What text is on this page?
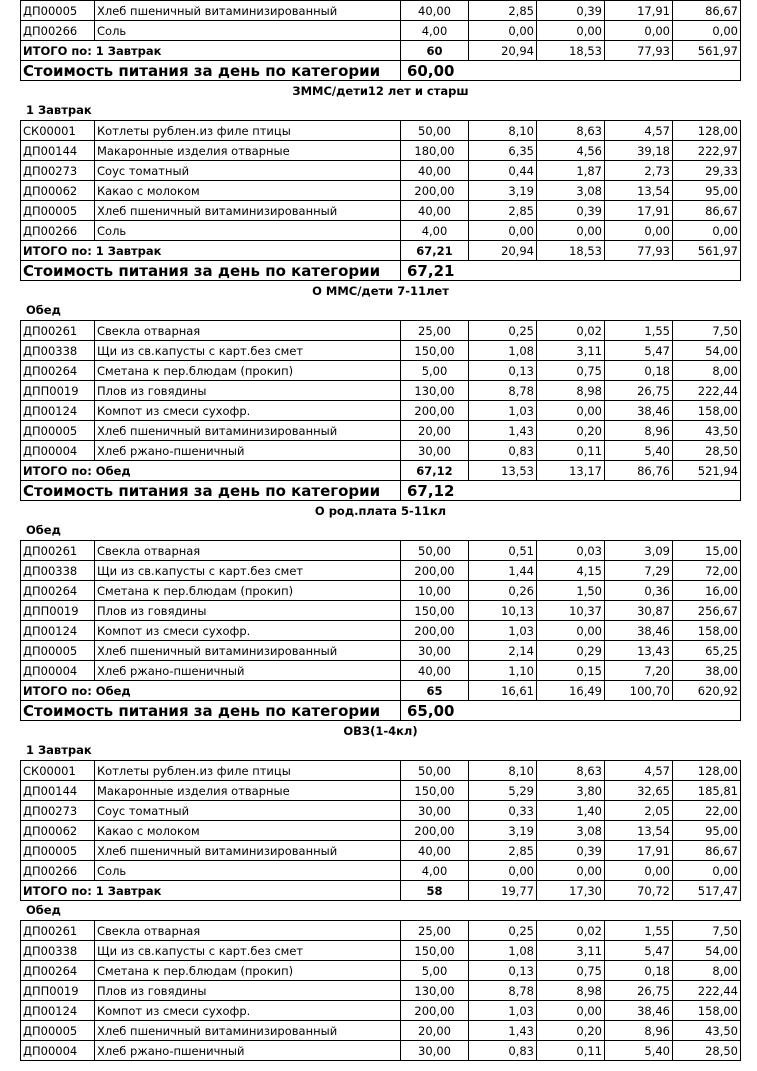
ДП00005	Хлеб пшеничный витаминизированный	40,00	2,85	0,39	17,91	86,67
ДП00266	Соль	4,00	0,00	0,00	0,00	0,00
ИТОГО по: 1 Завтрак		60	20,94	18,53	77,93	561,97
Стоимость питания за день по категории		60,00				
ЗММС/дети12 лет и старш
1 Завтрак
СК00001	Котлеты рублен.из филе птицы	50,00	8,10	8,63	4,57	128,00
ДП00144	Макаронные изделия отварные	180,00	6,35	4,56	39,18	222,97
ДП00273	Соус томатный	40,00	0,44	1,87	2,73	29,33
ДП00062	Какао с молоком	200,00	3,19	3,08	13,54	95,00
ДП00005	Хлеб пшеничный витаминизированный	40,00	2,85	0,39	17,91	86,67
ДП00266	Соль	4,00	0,00	0,00	0,00	0,00
ИТОГО по: 1 Завтрак		67,21	20,94	18,53	77,93	561,97
Стоимость питания за день по категории		67,21				
О ММС/дети 7-11лет
Обед
ДП00261	Свекла отварная	25,00	0,25	0,02	1,55	7,50
ДП00338	Щи из св.капусты с карт.без смет	150,00	1,08	3,11	5,47	54,00
ДП00264	Сметана к пер.блюдам (прокип)	5,00	0,13	0,75	0,18	8,00
ДПП0019	Плов из говядины	130,00	8,78	8,98	26,75	222,44
ДП00124	Компот из смеси сухофр.	200,00	1,03	0,00	38,46	158,00
ДП00005	Хлеб пшеничный витаминизированный	20,00	1,43	0,20	8,96	43,50
ДП00004	Хлеб ржано-пшеничный	30,00	0,83	0,11	5,40	28,50
ИТОГО по: Обед		67,12	13,53	13,17	86,76	521,94
Стоимость питания за день по категории		67,12				
О род.плата 5-11кл
Обед
ДП00261	Свекла отварная	50,00	0,51	0,03	3,09	15,00
ДП00338	Щи из св.капусты с карт.без смет	200,00	1,44	4,15	7,29	72,00
ДП00264	Сметана к пер.блюдам (прокип)	10,00	0,26	1,50	0,36	16,00
ДПП0019	Плов из говядины	150,00	10,13	10,37	30,87	256,67
ДП00124	Компот из смеси сухофр.	200,00	1,03	0,00	38,46	158,00
ДП00005	Хлеб пшеничный витаминизированный	30,00	2,14	0,29	13,43	65,25
ДП00004	Хлеб ржано-пшеничный	40,00	1,10	0,15	7,20	38,00
ИТОГО по: Обед		65	16,61	16,49	100,70	620,92
Стоимость питания за день по категории		65,00				
ОВЗ(1-4кл)
1 Завтрак
СК00001	Котлеты рублен.из филе птицы	50,00	8,10	8,63	4,57	128,00
ДП00144	Макаронные изделия отварные	150,00	5,29	3,80	32,65	185,81
ДП00273	Соус томатный	30,00	0,33	1,40	2,05	22,00
ДП00062	Какао с молоком	200,00	3,19	3,08	13,54	95,00
ДП00005	Хлеб пшеничный витаминизированный	40,00	2,85	0,39	17,91	86,67
ДП00266	Соль	4,00	0,00	0,00	0,00	0,00
ИТОГО по: 1 Завтрак		58	19,77	17,30	70,72	517,47
Обед
ДП00261	Свекла отварная	25,00	0,25	0,02	1,55	7,50
ДП00338	Щи из св.капусты с карт.без смет	150,00	1,08	3,11	5,47	54,00
ДП00264	Сметана к пер.блюдам (прокип)	5,00	0,13	0,75	0,18	8,00
ДПП0019	Плов из говядины	130,00	8,78	8,98	26,75	222,44
ДП00124	Компот из смеси сухофр.	200,00	1,03	0,00	38,46	158,00
ДП00005	Хлеб пшеничный витаминизированный	20,00	1,43	0,20	8,96	43,50
ДП00004	Хлеб ржано-пшеничный	30,00	0,83	0,11	5,40	28,50
